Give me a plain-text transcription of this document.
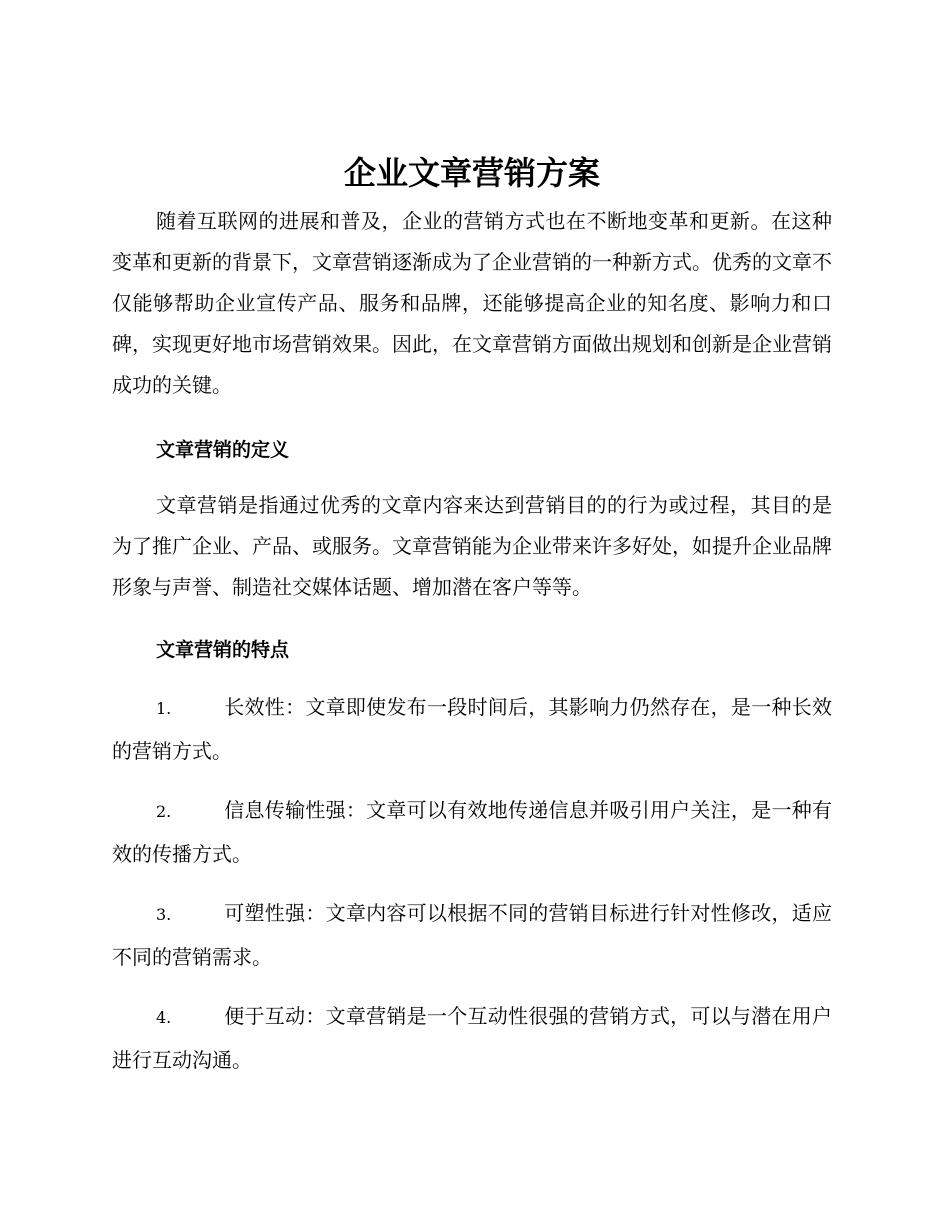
企业文章营销方案

随着互联网的进展和普及，企业的营销方式也在不断地变革和更新。在这种变革和更新的背景下，文章营销逐渐成为了企业营销的一种新方式。优秀的文章不仅能够帮助企业宣传产品、服务和品牌，还能够提高企业的知名度、影响力和口碑，实现更好地市场营销效果。因此，在文章营销方面做出规划和创新是企业营销成功的关键。

文章营销的定义

文章营销是指通过优秀的文章内容来达到营销目的的行为或过程，其目的是为了推广企业、产品、或服务。文章营销能为企业带来许多好处，如提升企业品牌形象与声誉、制造社交媒体话题、增加潜在客户等等。

文章营销的特点

1.	长效性：文章即使发布一段时间后，其影响力仍然存在，是一种长效的营销方式。

2.	信息传输性强：文章可以有效地传递信息并吸引用户关注，是一种有效的传播方式。

3.	可塑性强：文章内容可以根据不同的营销目标进行针对性修改，适应不同的营销需求。

4.	便于互动：文章营销是一个互动性很强的营销方式，可以与潜在用户进行互动沟通。
